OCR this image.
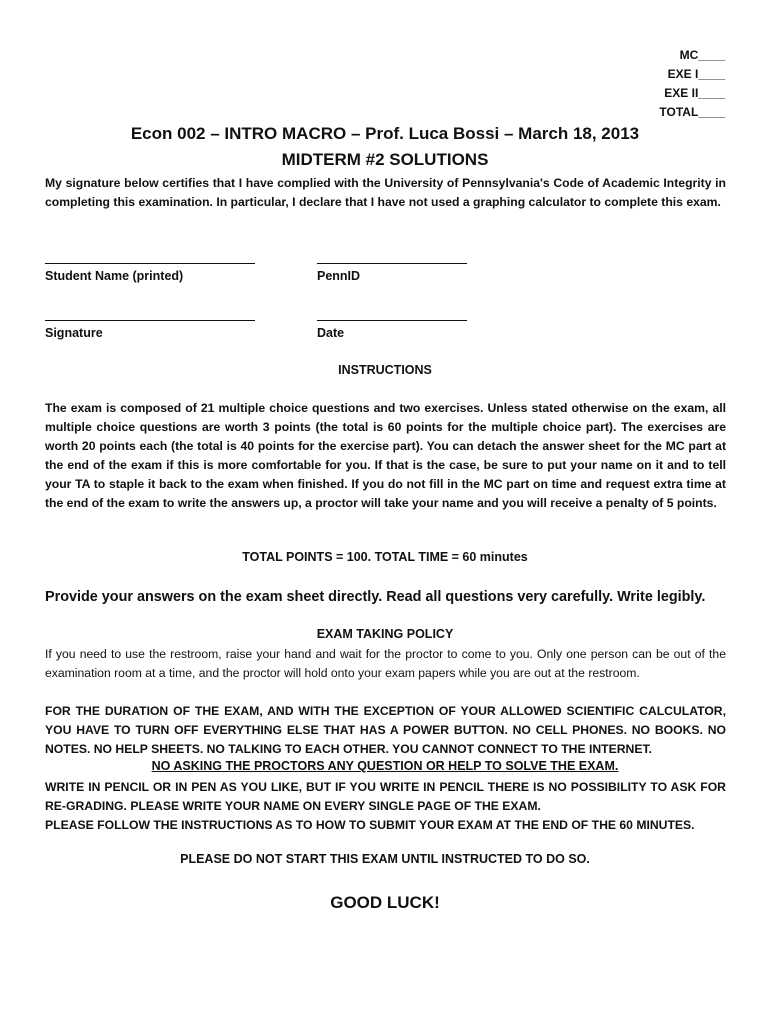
MC____
EXE I____
EXE II____
TOTAL____
Econ 002 – INTRO MACRO – Prof. Luca Bossi – March 18, 2013
MIDTERM #2 SOLUTIONS
My signature below certifies that I have complied with the University of Pennsylvania's Code of Academic Integrity in completing this examination. In particular, I declare that I have not used a graphing calculator to complete this exam.
Student Name (printed)	PennID
Signature	Date
INSTRUCTIONS
The exam is composed of 21 multiple choice questions and two exercises. Unless stated otherwise on the exam, all multiple choice questions are worth 3 points (the total is 60 points for the multiple choice part). The exercises are worth 20 points each (the total is 40 points for the exercise part). You can detach the answer sheet for the MC part at the end of the exam if this is more comfortable for you. If that is the case, be sure to put your name on it and to tell your TA to staple it back to the exam when finished. If you do not fill in the MC part on time and request extra time at the end of the exam to write the answers up, a proctor will take your name and you will receive a penalty of 5 points.
TOTAL POINTS = 100. TOTAL TIME = 60 minutes
Provide your answers on the exam sheet directly. Read all questions very carefully. Write legibly.
EXAM TAKING POLICY
If you need to use the restroom, raise your hand and wait for the proctor to come to you. Only one person can be out of the examination room at a time, and the proctor will hold onto your exam papers while you are out at the restroom.
FOR THE DURATION OF THE EXAM, AND WITH THE EXCEPTION OF YOUR ALLOWED SCIENTIFIC CALCULATOR, YOU HAVE TO TURN OFF EVERYTHING ELSE THAT HAS A POWER BUTTON. NO CELL PHONES. NO BOOKS. NO NOTES. NO HELP SHEETS. NO TALKING TO EACH OTHER. YOU CANNOT CONNECT TO THE INTERNET.
NO ASKING THE PROCTORS ANY QUESTION OR HELP TO SOLVE THE EXAM.
WRITE IN PENCIL OR IN PEN AS YOU LIKE, BUT IF YOU WRITE IN PENCIL THERE IS NO POSSIBILITY TO ASK FOR RE-GRADING. PLEASE WRITE YOUR NAME ON EVERY SINGLE PAGE OF THE EXAM.
PLEASE FOLLOW THE INSTRUCTIONS AS TO HOW TO SUBMIT YOUR EXAM AT THE END OF THE 60 MINUTES.
PLEASE DO NOT START THIS EXAM UNTIL INSTRUCTED TO DO SO.
GOOD LUCK!
